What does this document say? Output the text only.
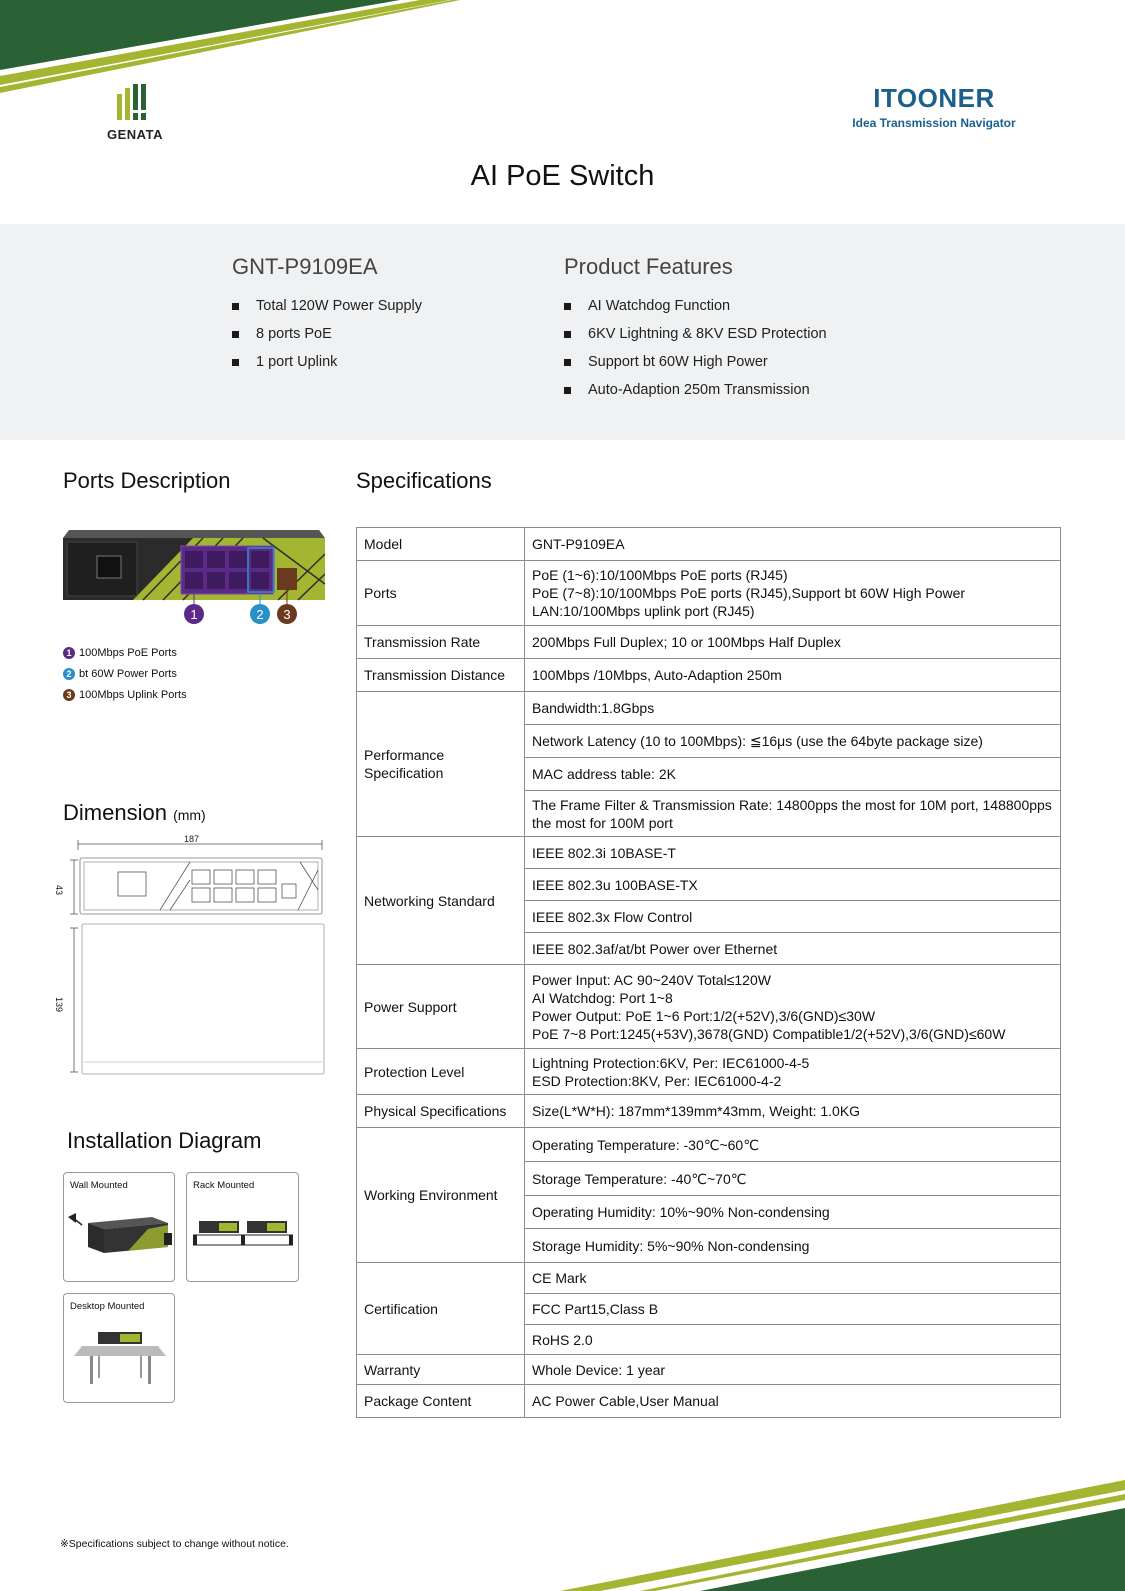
GENATA
ITOONER
Idea Transmission Navigator
AI PoE Switch
GNT-P9109EA
Total 120W Power Supply
8 ports PoE
1 port Uplink
Product Features
AI Watchdog Function
6KV Lightning & 8KV ESD Protection
Support bt 60W High Power
Auto-Adaption 250m Transmission
Ports Description
1	2 3
1 100Mbps PoE Ports
2 bt 60W Power Ports
3 100Mbps Uplink Ports
Dimension (mm)
187
43
139
Installation Diagram
Wall Mounted	Rack Mounted
Desktop Mounted
Specifications
Model	GNT-P9109EA
Ports	PoE (1~6):10/100Mbps PoE ports (RJ45)
PoE (7~8):10/100Mbps PoE ports (RJ45),Support bt 60W High Power
LAN:10/100Mbps uplink port (RJ45)

Transmission Rate	200Mbps Full Duplex; 10 or 100Mbps Half Duplex
Transmission Distance	100Mbps /10Mbps, Auto-Adaption 250m
Performance Specification	Bandwidth:1.8Gbps
	Network Latency (10 to 100Mbps): ≦16μs (use the 64byte package size)
	MAC address table: 2K
	The Frame Filter & Transmission Rate: 14800pps the most for 10M port, 148800pps the most for 100M port
Networking Standard	IEEE 802.3i 10BASE-T
	IEEE 802.3u 100BASE-TX
	IEEE 802.3x Flow Control
	IEEE 802.3af/at/bt Power over Ethernet
Power Support	Power Input: AC 90~240V Total≤120W
AI Watchdog: Port 1~8
Power Output: PoE 1~6 Port:1/2(+52V),3/6(GND)≤30W
PoE 7~8 Port:1245(+53V),3678(GND) Compatible1/2(+52V),3/6(GND)≤60W

Protection Level	Lightning Protection:6KV, Per: IEC61000-4-5
ESD Protection:8KV, Per: IEC61000-4-2

Physical Specifications	Size(L*W*H): 187mm*139mm*43mm, Weight: 1.0KG
Working Environment	Operating Temperature: -30℃~60℃
	Storage Temperature: -40℃~70℃
	Operating Humidity: 10%~90% Non-condensing
	Storage Humidity: 5%~90% Non-condensing
Certification	CE Mark
	FCC Part15,Class B
	RoHS 2.0
Warranty	Whole Device: 1 year
Package Content	AC Power Cable,User Manual
※Specifications subject to change without notice.
